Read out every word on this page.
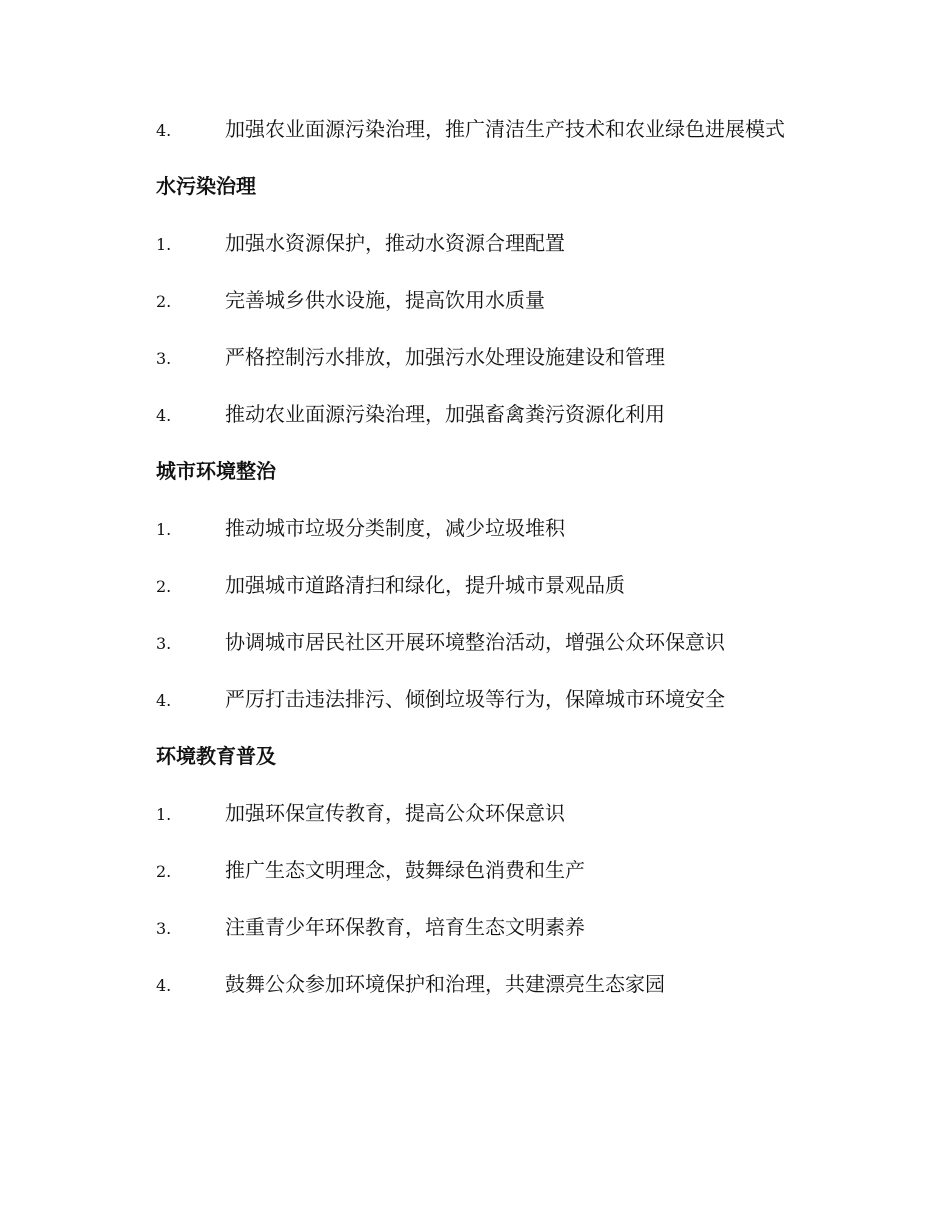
4.	加强农业面源污染治理，推广清洁生产技术和农业绿色进展模式
水污染治理
1.	加强水资源保护，推动水资源合理配置
2.	完善城乡供水设施，提高饮用水质量
3.	严格控制污水排放，加强污水处理设施建设和管理
4.	推动农业面源污染治理，加强畜禽粪污资源化利用
城市环境整治
1.	推动城市垃圾分类制度，减少垃圾堆积
2.	加强城市道路清扫和绿化，提升城市景观品质
3.	协调城市居民社区开展环境整治活动，增强公众环保意识
4.	严厉打击违法排污、倾倒垃圾等行为，保障城市环境安全
环境教育普及
1.	加强环保宣传教育，提高公众环保意识
2.	推广生态文明理念，鼓舞绿色消费和生产
3.	注重青少年环保教育，培育生态文明素养
4.	鼓舞公众参加环境保护和治理，共建漂亮生态家园
